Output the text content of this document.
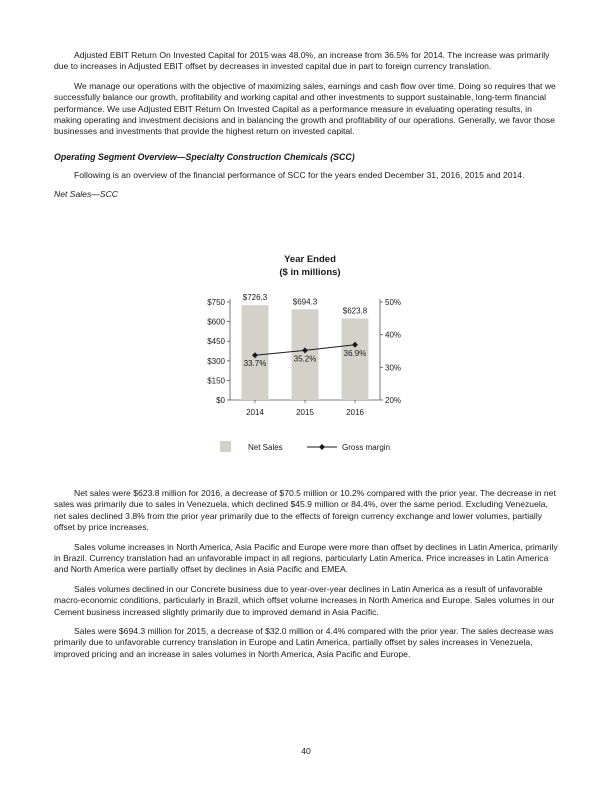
Adjusted EBIT Return On Invested Capital for 2015 was 48.0%, an increase from 36.5% for 2014. The increase was primarily due to increases in Adjusted EBIT offset by decreases in invested capital due in part to foreign currency translation.

We manage our operations with the objective of maximizing sales, earnings and cash flow over time. Doing so requires that we successfully balance our growth, profitability and working capital and other investments to support sustainable, long-term financial performance. We use Adjusted EBIT Return On Invested Capital as a performance measure in evaluating operating results, in making operating and investment decisions and in balancing the growth and profitability of our operations. Generally, we favor those businesses and investments that provide the highest return on invested capital.

Operating Segment Overview—Specialty Construction Chemicals (SCC)

Following is an overview of the financial performance of SCC for the years ended December 31, 2016, 2015 and 2014.

Net Sales—SCC
Year Ended
($ in millions)
$0
$150
$300
$450
$600
$750
20%
30%
40%
50%
$726.3
2014
$694.3
2015
$623.8
2016
33.7%
35.2%
36.9%
Net Sales	Gross margin

Net sales were $623.8 million for 2016, a decrease of $70.5 million or 10.2% compared with the prior year. The decrease in net sales was primarily due to sales in Venezuela, which declined $45.9 million or 84.4%, over the same period. Excluding Venezuela, net sales declined 3.8% from the prior year primarily due to the effects of foreign currency exchange and lower volumes, partially offset by price increases.

Sales volume increases in North America, Asia Pacific and Europe were more than offset by declines in Latin America, primarily in Brazil. Currency translation had an unfavorable impact in all regions, particularly Latin America. Price increases in Latin America and North America were partially offset by declines in Asia Pacific and EMEA.

Sales volumes declined in our Concrete business due to year-over-year declines in Latin America as a result of unfavorable macro-economic conditions, particularly in Brazil, which offset volume increases in North America and Europe. Sales volumes in our Cement business increased slightly primarily due to improved demand in Asia Pacific.

Sales were $694.3 million for 2015, a decrease of $32.0 million or 4.4% compared with the prior year. The sales decrease was primarily due to unfavorable currency translation in Europe and Latin America, partially offset by sales increases in Venezuela, improved pricing and an increase in sales volumes in North America, Asia Pacific and Europe.

40
